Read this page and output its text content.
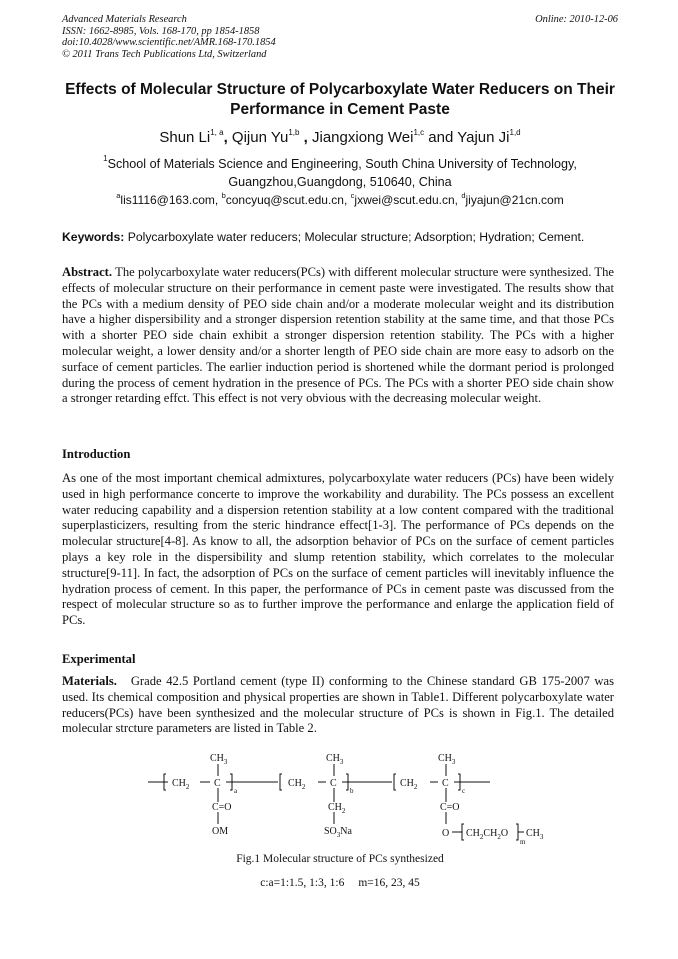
Advanced Materials Research
ISSN: 1662-8985, Vols. 168-170, pp 1854-1858
doi:10.4028/www.scientific.net/AMR.168-170.1854
© 2011 Trans Tech Publications Ltd, Switzerland
Online: 2010-12-06
Effects of Molecular Structure of Polycarboxylate Water Reducers on Their Performance in Cement Paste
Shun Li$^{1, a}$, Qijun Yu$^{1,b}$ , Jiangxiong Wei$^{1,c}$ and Yajun Ji$^{1,d}$
$^1$School of Materials Science and Engineering, South China University of Technology,
Guangzhou,Guangdong, 510640, China
$^a$lis1116@163.com, $^b$concyuq@scut.edu.cn, $^c$jxwei@scut.edu.cn, $^d$jiyajun@21cn.com
Keywords: Polycarboxylate water reducers; Molecular structure; Adsorption; Hydration; Cement.
Abstract. The polycarboxylate water reducers(PCs) with different molecular structure were synthesized. The effects of molecular structure on their performance in cement paste were investigated. The results show that the PCs with a medium density of PEO side chain and/or a moderate molecular weight and its distribution have a higher dispersibility and a stronger dispersion retention stability at the same time, and that those PCs with a shorter PEO side chain exhibit a stronger dispersion retention stability. The PCs with a higher molecular weight, a lower density and/or a shorter length of PEO side chain are more easy to adsorb on the surface of cement particles. The earlier induction period is shortened while the dormant period is prolonged during the process of cement hydration in the presence of PCs. The PCs with a shorter PEO side chain show a stronger retarding effct. This effect is not very obvious with the decreasing molecular weight.
Introduction
As one of the most important chemical admixtures, polycarboxylate water reducers (PCs) have been widely used in high performance concerte to improve the workability and durability. The PCs possess an excellent water reducing capability and a dispersion retention stability at a low content compared with the traditional superplasticizers, resulting from the steric hindrance effect[1-3]. The performance of PCs depends on the molecular structure[4-8]. As know to all, the adsorption behavior of PCs on the surface of cement particles plays a key role in the dispersibility and slump retention stability, which correlates to the molecular structure[9-11]. In fact, the adsorption of PCs on the surface of cement particles will inevitably influence the hydration process of cement. In this paper, the performance of PCs in cement paste was discussed from the respect of molecular structure so as to further improve the performance and enlarge the application field of PCs.
Experimental
Materials. Grade 42.5 Portland cement (type II) conforming to the Chinese standard GB 175-2007 was used. Its chemical composition and physical properties are shown in Table1. Different polycarboxylate water reducers(PCs) have been synthesized and the molecular structure of PCs is shown in Fig.1. The detailed molecular strcture parameters are listed in Table 2.
$CH_3$
$CH_2$ C
a
C=O
OM
$CH_3$
$CH_2$ C
b
$CH_2$
$SO_3Na$
$CH_3$
$CH_2$ C
c
C=O
O $CH_2CH_2O$
m
$CH_3$
Fig.1 Molecular structure of PCs synthesized
c:a=1:1.5, 1:3, 1:6 m=16, 23, 45
